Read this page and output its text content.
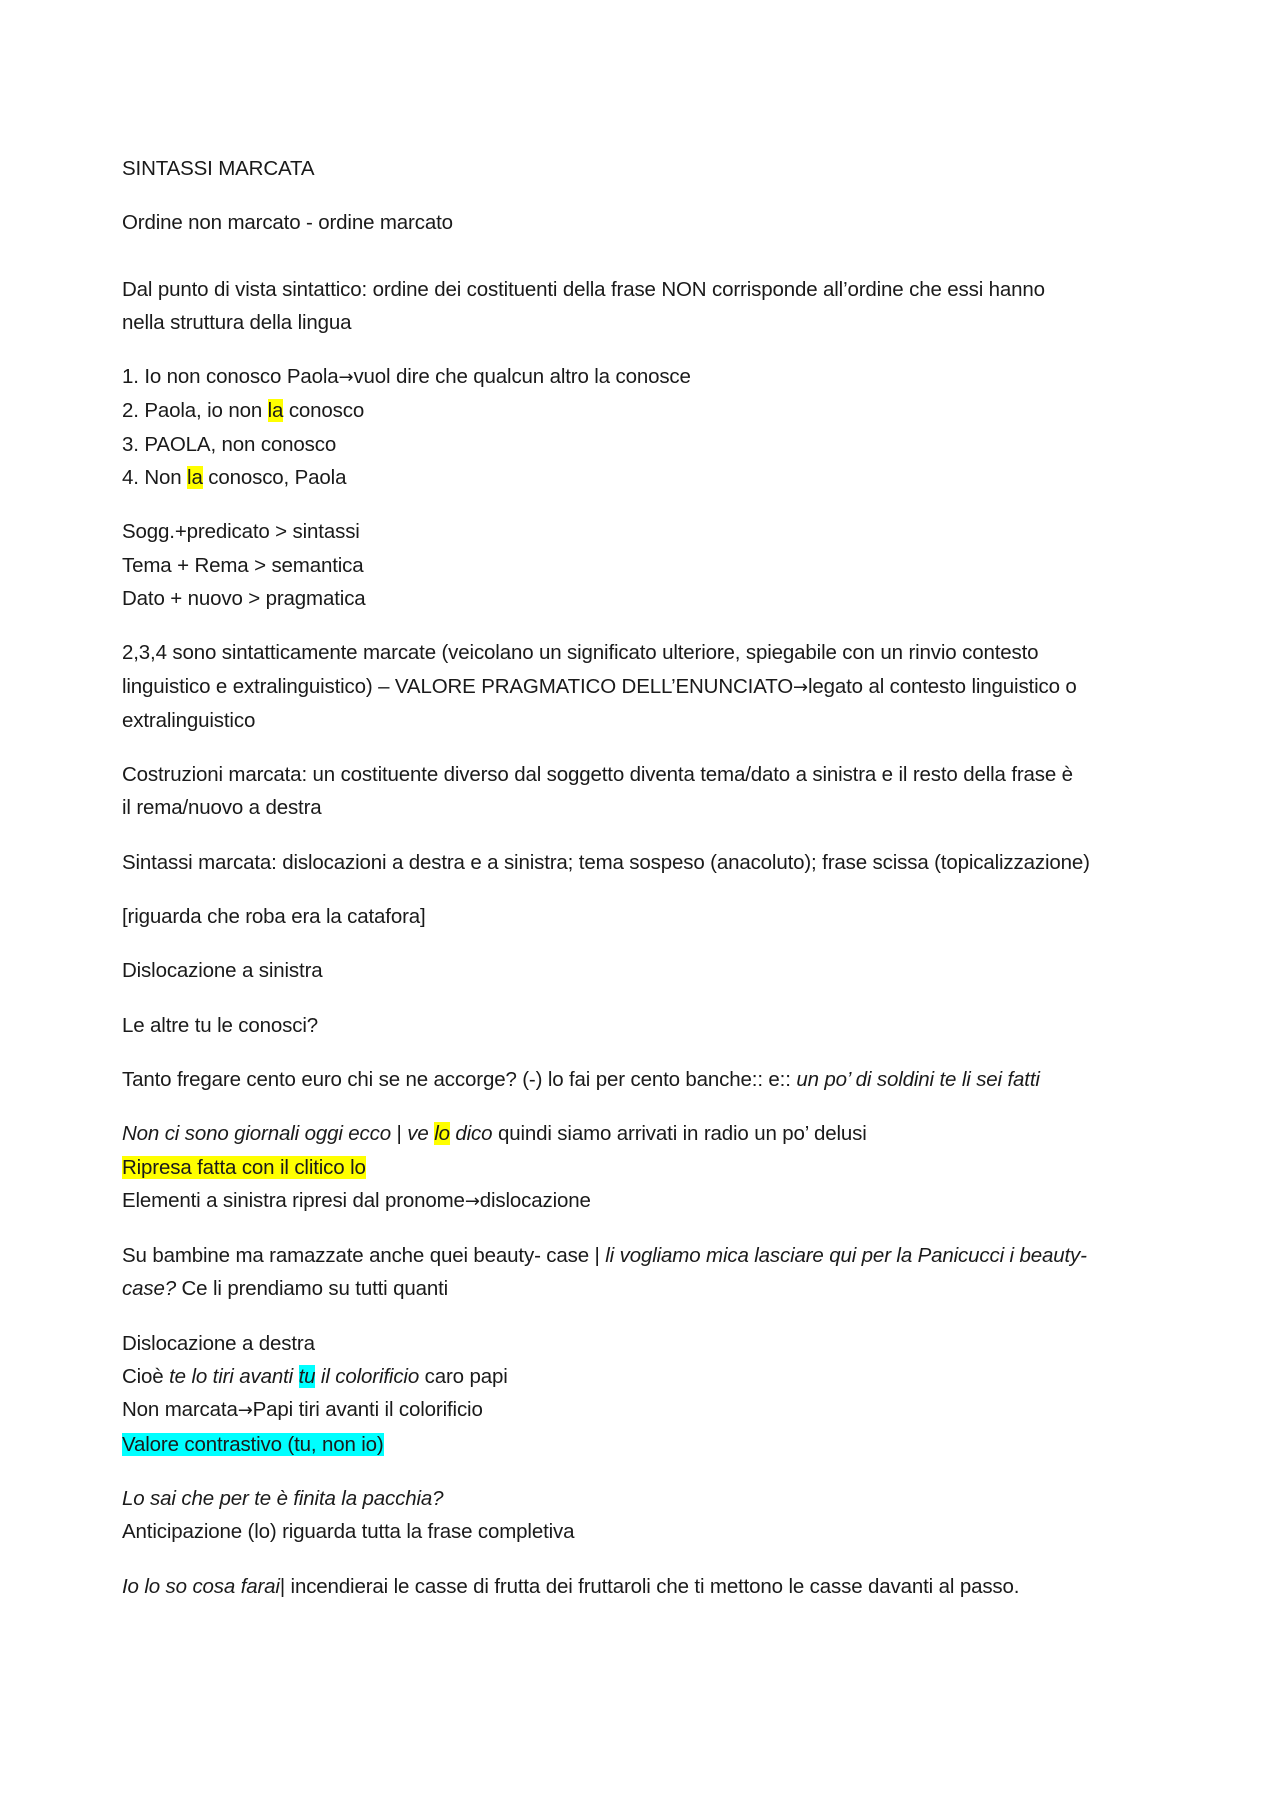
SINTASSI MARCATA

Ordine non marcato - ordine marcato

Dal punto di vista sintattico: ordine dei costituenti della frase NON corrisponde all’ordine che essi hanno
nella struttura della lingua

1. Io non conosco Paola→vuol dire che qualcun altro la conosce
2. Paola, io non la conosco
3. PAOLA, non conosco
4. Non la conosco, Paola

Sogg.+predicato > sintassi
Tema + Rema > semantica
Dato + nuovo > pragmatica

2,3,4 sono sintatticamente marcate (veicolano un significato ulteriore, spiegabile con un rinvio contesto
linguistico e extralinguistico) – VALORE PRAGMATICO DELL’ENUNCIATO→legato al contesto linguistico o
extralinguistico

Costruzioni marcata: un costituente diverso dal soggetto diventa tema/dato a sinistra e il resto della frase è
il rema/nuovo a destra

Sintassi marcata: dislocazioni a destra e a sinistra; tema sospeso (anacoluto); frase scissa (topicalizzazione)

[riguarda che roba era la catafora]

Dislocazione a sinistra

Le altre tu le conosci?

Tanto fregare cento euro chi se ne accorge? (-) lo fai per cento banche:: e:: un po’ di soldini te li sei fatti

Non ci sono giornali oggi ecco | ve lo dico quindi siamo arrivati in radio un po’ delusi
Ripresa fatta con il clitico lo
Elementi a sinistra ripresi dal pronome→dislocazione

Su bambine ma ramazzate anche quei beauty- case | li vogliamo mica lasciare qui per la Panicucci i beauty-
case? Ce li prendiamo su tutti quanti

Dislocazione a destra
Cioè te lo tiri avanti tu il colorificio caro papi
Non marcata→Papi tiri avanti il colorificio
Valore contrastivo (tu, non io)

Lo sai che per te è finita la pacchia?
Anticipazione (lo) riguarda tutta la frase completiva

Io lo so cosa farai| incendierai le casse di frutta dei fruttaroli che ti mettono le casse davanti al passo.
